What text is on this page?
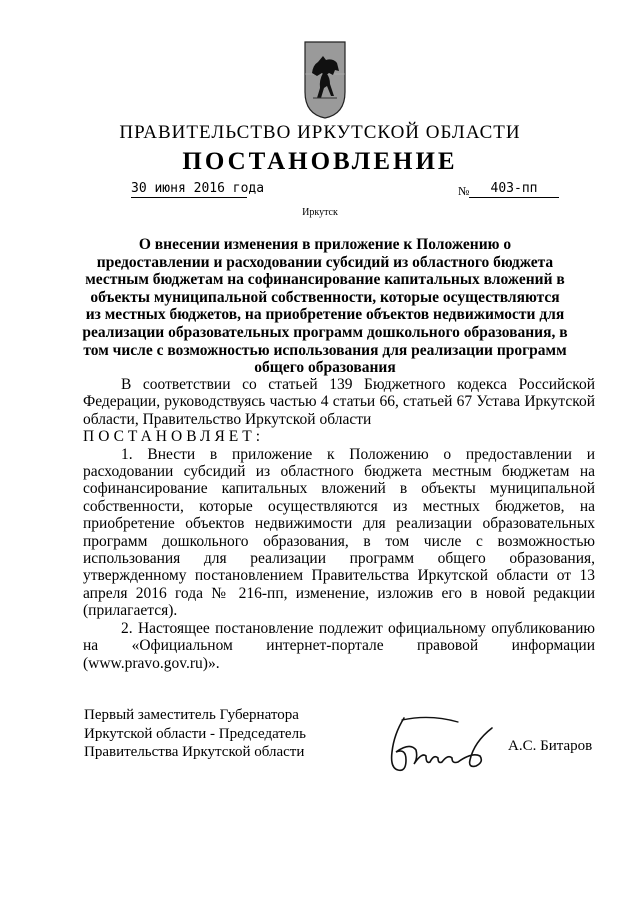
ПРАВИТЕЛЬСТВО ИРКУТСКОЙ ОБЛАСТИ
ПОСТАНОВЛЕНИЕ
30 июня 2016 года	№	403-пп
Иркутск
О внесении изменения в приложение к Положению о предоставлении и расходовании субсидий из областного бюджета местным бюджетам на софинансирование капитальных вложений в объекты муниципальной собственности, которые осуществляются из местных бюджетов, на приобретение объектов недвижимости для реализации образовательных программ дошкольного образования, в том числе с возможностью использования для реализации программ общего образования

В соответствии со статьей 139 Бюджетного кодекса Российской Федерации, руководствуясь частью 4 статьи 66, статьей 67 Устава Иркутской области, Правительство Иркутской области

ПОСТАНОВЛЯЕТ:

1. Внести в приложение к Положению о предоставлении и расходовании субсидий из областного бюджета местным бюджетам на софинансирование капитальных вложений в объекты муниципальной собственности, которые осуществляются из местных бюджетов, на приобретение объектов недвижимости для реализации образовательных программ дошкольного образования, в том числе с возможностью использования для реализации программ общего образования, утвержденному постановлением Правительства Иркутской области от 13 апреля 2016 года № 216-пп, изменение, изложив его в новой редакции (прилагается).

2. Настоящее постановление подлежит официальному опубликованию на «Официальном интернет-портале правовой информации (www.pravo.gov.ru)».

Первый заместитель Губернатора
Иркутской области - Председатель
Правительства Иркутской области	А.С. Битаров
